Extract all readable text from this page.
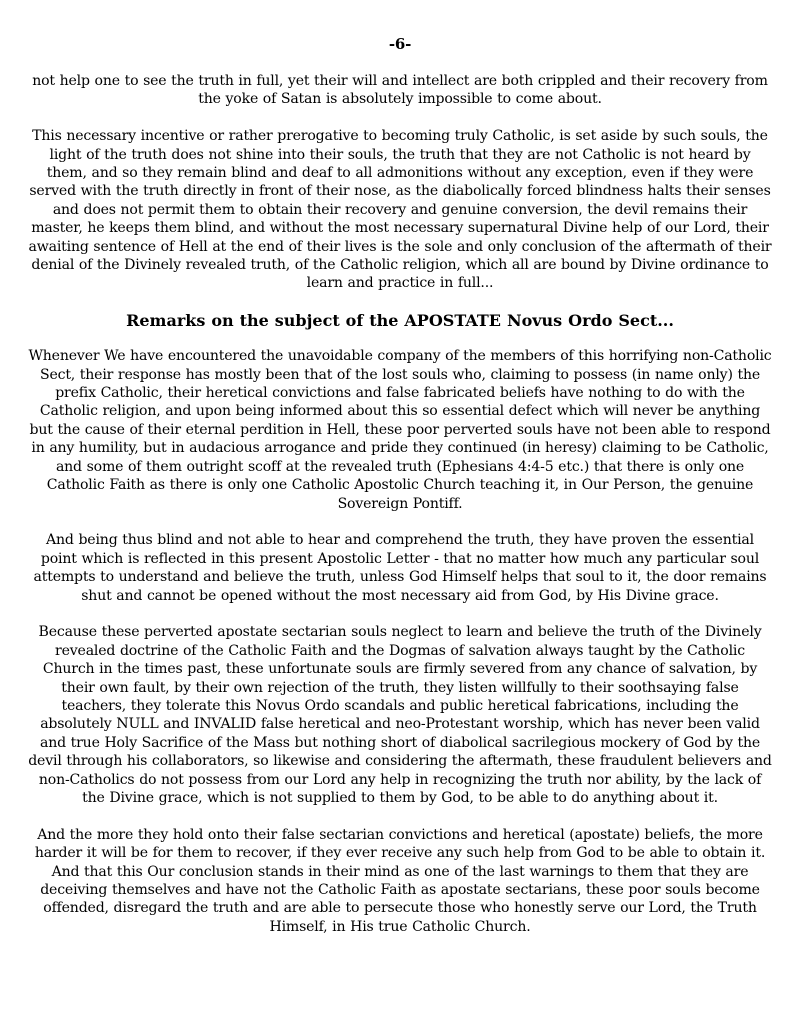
-6-

not help one to see the truth in full, yet their will and intellect are both crippled and their recovery from the yoke of Satan is absolutely impossible to come about.

This necessary incentive or rather prerogative to becoming truly Catholic, is set aside by such souls, the light of the truth does not shine into their souls, the truth that they are not Catholic is not heard by them, and so they remain blind and deaf to all admonitions without any exception, even if they were served with the truth directly in front of their nose, as the diabolically forced blindness halts their senses and does not permit them to obtain their recovery and genuine conversion, the devil remains their master, he keeps them blind, and without the most necessary supernatural Divine help of our Lord, their awaiting sentence of Hell at the end of their lives is the sole and only conclusion of the aftermath of their denial of the Divinely revealed truth, of the Catholic religion, which all are bound by Divine ordinance to learn and practice in full...

Remarks on the subject of the APOSTATE Novus Ordo Sect...

Whenever We have encountered the unavoidable company of the members of this horrifying non-Catholic Sect, their response has mostly been that of the lost souls who, claiming to possess (in name only) the prefix Catholic, their heretical convictions and false fabricated beliefs have nothing to do with the Catholic religion, and upon being informed about this so essential defect which will never be anything but the cause of their eternal perdition in Hell, these poor perverted souls have not been able to respond in any humility, but in audacious arrogance and pride they continued (in heresy) claiming to be Catholic, and some of them outright scoff at the revealed truth (Ephesians 4:4-5 etc.) that there is only one Catholic Faith as there is only one Catholic Apostolic Church teaching it, in Our Person, the genuine Sovereign Pontiff.

And being thus blind and not able to hear and comprehend the truth, they have proven the essential point which is reflected in this present Apostolic Letter - that no matter how much any particular soul attempts to understand and believe the truth, unless God Himself helps that soul to it, the door remains shut and cannot be opened without the most necessary aid from God, by His Divine grace.

Because these perverted apostate sectarian souls neglect to learn and believe the truth of the Divinely revealed doctrine of the Catholic Faith and the Dogmas of salvation always taught by the Catholic Church in the times past, these unfortunate souls are firmly severed from any chance of salvation, by their own fault, by their own rejection of the truth, they listen willfully to their soothsaying false teachers, they tolerate this Novus Ordo scandals and public heretical fabrications, including the absolutely NULL and INVALID false heretical and neo-Protestant worship, which has never been valid and true Holy Sacrifice of the Mass but nothing short of diabolical sacrilegious mockery of God by the devil through his collaborators, so likewise and considering the aftermath, these fraudulent believers and non-Catholics do not possess from our Lord any help in recognizing the truth nor ability, by the lack of the Divine grace, which is not supplied to them by God, to be able to do anything about it.

And the more they hold onto their false sectarian convictions and heretical (apostate) beliefs, the more harder it will be for them to recover, if they ever receive any such help from God to be able to obtain it. And that this Our conclusion stands in their mind as one of the last warnings to them that they are deceiving themselves and have not the Catholic Faith as apostate sectarians, these poor souls become offended, disregard the truth and are able to persecute those who honestly serve our Lord, the Truth Himself, in His true Catholic Church.
